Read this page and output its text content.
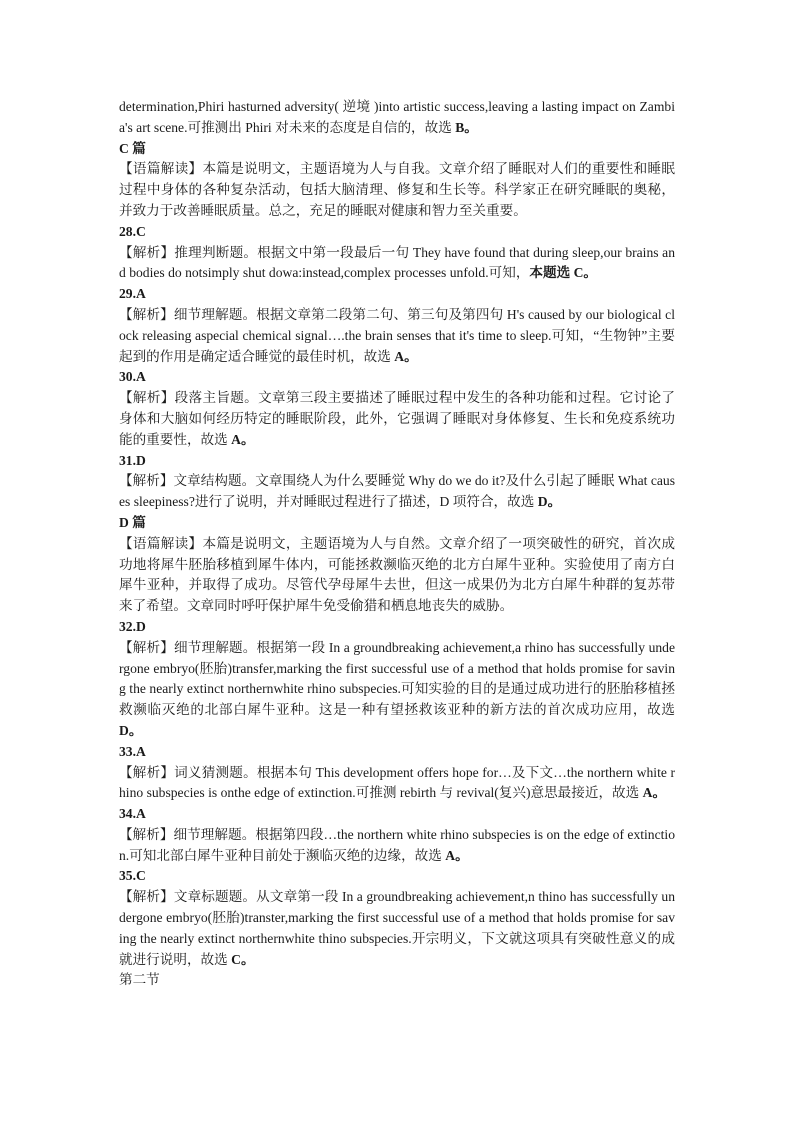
determination,Phiri hasturned adversity( 逆境 )into artistic success,leaving a lasting impact on Zambia's art scene.可推测出 Phiri 对未来的态度是自信的，故选 B。

C 篇

【语篇解读】本篇是说明文，主题语境为人与自我。文章介绍了睡眠对人们的重要性和睡眠过程中身体的各种复杂活动，包括大脑清理、修复和生长等。科学家正在研究睡眠的奥秘，并致力于改善睡眠质量。总之，充足的睡眠对健康和智力至关重要。

28.C

【解析】推理判断题。根据文中第一段最后一句 They have found that during sleep,our brains and bodies do notsimply shut dowa:instead,complex processes unfold.可知，本题选 C。

29.A

【解析】细节理解题。根据文章第二段第二句、第三句及第四句 H's caused by our biological clock releasing aspecial chemical signal….the brain senses that it's time to sleep.可知，“生物钟”主要起到的作用是确定适合睡觉的最佳时机，故选 A。

30.A

【解析】段落主旨题。文章第三段主要描述了睡眠过程中发生的各种功能和过程。它讨论了身体和大脑如何经历特定的睡眠阶段，此外，它强调了睡眠对身体修复、生长和免疫系统功能的重要性，故选 A。

31.D

【解析】文章结构题。文章围绕人为什么要睡觉 Why do we do it?及什么引起了睡眠 What causes sleepiness?进行了说明，并对睡眠过程进行了描述，D 项符合，故选 D。

D 篇

【语篇解读】本篇是说明文，主题语境为人与自然。文章介绍了一项突破性的研究，首次成功地将犀牛胚胎移植到犀牛体内，可能拯救濒临灭绝的北方白犀牛亚种。实验使用了南方白犀牛亚种，并取得了成功。尽管代孕母犀牛去世，但这一成果仍为北方白犀牛种群的复苏带来了希望。文章同时呼吁保护犀牛免受偷猎和栖息地丧失的威胁。

32.D

【解析】细节理解题。根据第一段 In a groundbreaking achievement,a rhino has successfully undergone embryo(胚胎)transfer,marking the first successful use of a method that holds promise for saving the nearly extinct northernwhite rhino subspecies.可知实验的目的是通过成功进行的胚胎移植拯救濒临灭绝的北部白犀牛亚种。这是一种有望拯救该亚种的新方法的首次成功应用，故选 D。

33.A

【解析】词义猜测题。根据本句 This development offers hope for…及下文…the northern white rhino subspecies is onthe edge of extinction.可推测 rebirth 与 revival(复兴)意思最接近，故选 A。

34.A

【解析】细节理解题。根据第四段…the northern white rhino subspecies is on the edge of extinction.可知北部白犀牛亚种目前处于濒临灭绝的边缘，故选 A。

35.C

【解析】文章标题题。从文章第一段 In a groundbreaking achievement,n thino has successfully undergone embryo(胚胎)transter,marking the first successful use of a method that holds promise for saving the nearly extinct northernwhite thino subspecies.开宗明义，下文就这项具有突破性意义的成就进行说明，故选 C。

第二节
